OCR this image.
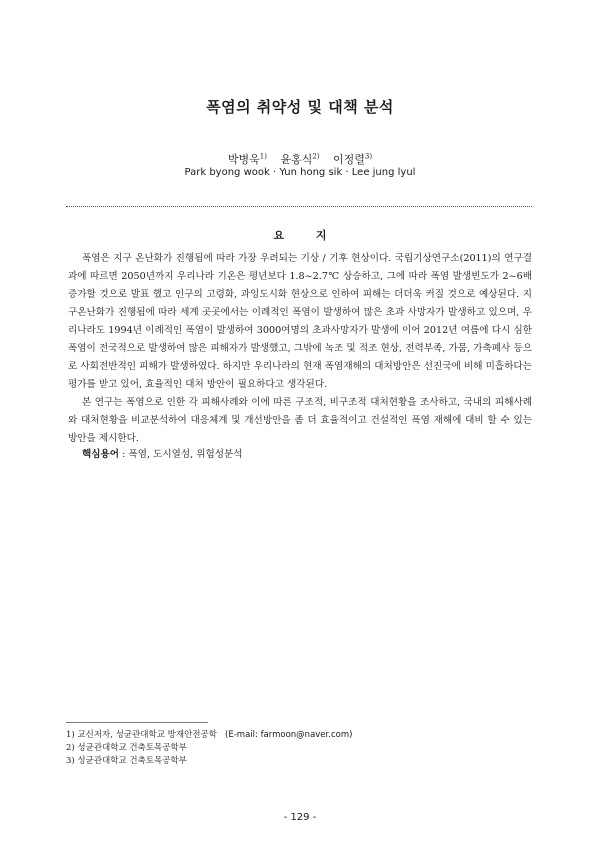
폭염의 취약성 및 대책 분석
박병욱$^{1)}$ 윤홍식$^{2)}$ 이정렬$^{3)}$
Park byong wook · Yun hong sik · Lee jung lyul
요 지

폭염은 지구 온난화가 진행됨에 따라 가장 우려되는 기상 / 기후 현상이다. 국립기상연구소(2011)의 연구결과에 따르면 2050년까지 우리나라 기온은 평년보다 1.8~2.7℃ 상승하고, 그에 따라 폭염 발생빈도가 2~6배 증가할 것으로 발표 했고 인구의 고령화, 과잉도시화 현상으로 인하여 피해는 더더욱 커질 것으로 예상된다. 지구온난화가 진행됨에 따라 세계 곳곳에서는 이례적인 폭염이 발생하여 많은 초과 사망자가 발생하고 있으며, 우리나라도 1994년 이례적인 폭염이 발생하여 3000여명의 초과사망자가 발생에 이어 2012년 여름에 다시 심한 폭염이 전국적으로 발생하여 많은 피해자가 발생했고, 그밖에 녹조 및 적조 현상, 전력부족, 가뭄, 가축폐사 등으로 사회전반적인 피해가 발생하였다. 하지만 우리나라의 현재 폭염재해의 대처방안은 선진국에 비해 미흡하다는 평가를 받고 있어, 효율적인 대처 방안이 필요하다고 생각된다.

본 연구는 폭염으로 인한 각 피해사례와 이에 따른 구조적, 비구조적 대처현황을 조사하고, 국내의 피해사례와 대처현황을 비교분석하여 대응체계 및 개선방안을 좀 더 효율적이고 건설적인 폭염 재해에 대비 할 수 있는 방안을 제시한다.

핵심용어 : 폭염, 도시열섬, 위험성분석
1) 교신저자, 성균관대학교 방재안전공학 (E-mail: farmoon@naver.com)
2) 성균관대학교 건축토목공학부
3) 성균관대학교 건축토목공학부
- 129 -
